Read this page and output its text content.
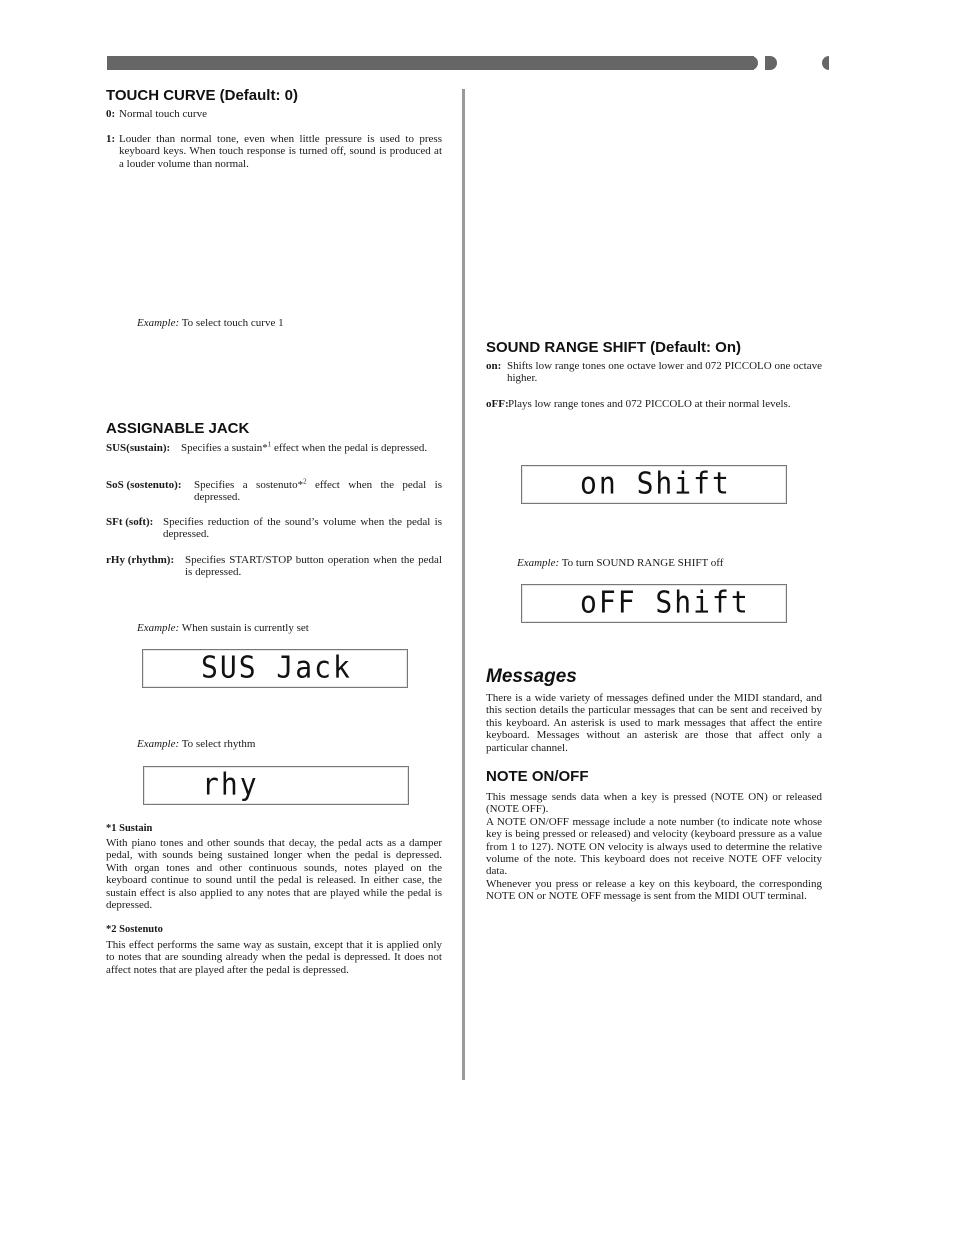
TOUCH CURVE (Default: 0)
0: Normal touch curve
1: Louder than normal tone, even when little pressure is used to press keyboard keys. When touch response is turned off, sound is produced at a louder volume than normal.
Example: To select touch curve 1
ASSIGNABLE JACK
SUS(sustain): Specifies a sustain*$^1$ effect when the pedal is depressed.
SoS (sostenuto):	Specifies a sostenuto*$^2$ effect when the pedal is depressed.
SFt (soft): Specifies reduction of the sound’s volume when the pedal is depressed.
rHy (rhythm): Specifies START/STOP button operation when the pedal is depressed.
Example: When sustain is currently set
SUS Jack
Example: To select rhythm
rhy
*1 Sustain
With piano tones and other sounds that decay, the pedal acts as a damper pedal, with sounds being sustained longer when the pedal is depressed. With organ tones and other continuous sounds, notes played on the keyboard continue to sound until the pedal is released. In either case, the sustain effect is also applied to any notes that are played while the pedal is depressed.
*2 Sostenuto
This effect performs the same way as sustain, except that it is applied only to notes that are sounding already when the pedal is depressed. It does not affect notes that are played after the pedal is depressed.
SOUND RANGE SHIFT (Default: On)
on: Shifts low range tones one octave lower and 072 PICCOLO one octave higher.
oFF: Plays low range tones and 072 PICCOLO at their normal levels.
on Shift
Example: To turn SOUND RANGE SHIFT off
oFF Shift
Messages
There is a wide variety of messages defined under the MIDI standard, and this section details the particular messages that can be sent and received by this keyboard. An asterisk is used to mark messages that affect the entire keyboard. Messages without an asterisk are those that affect only a particular channel.
NOTE ON/OFF
This message sends data when a key is pressed (NOTE ON) or released (NOTE OFF).
A NOTE ON/OFF message include a note number (to indicate note whose key is being pressed or released) and velocity (keyboard pressure as a value from 1 to 127). NOTE ON velocity is always used to determine the relative volume of the note. This keyboard does not receive NOTE OFF velocity data.
Whenever you press or release a key on this keyboard, the corresponding NOTE ON or NOTE OFF message is sent from the MIDI OUT terminal.
